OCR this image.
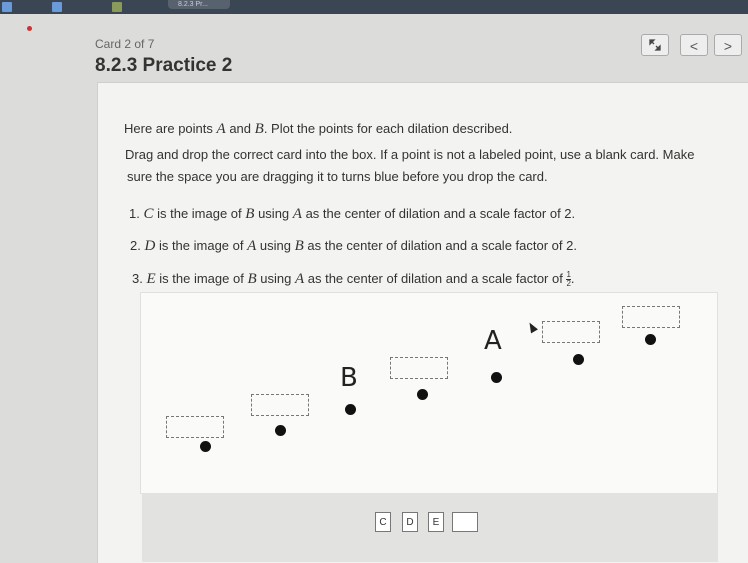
8.2.3 Pr...
Card 2 of 7
8.2.3 Practice 2
<	>
Here are points A and B. Plot the points for each dilation described.
Drag and drop the correct card into the box. If a point is not a labeled point, use a blank card. Make
sure the space you are dragging it to turns blue before you drop the card.
1. C is the image of B using A as the center of dilation and a scale factor of 2.
2. D is the image of A using B as the center of dilation and a scale factor of 2.
3. E is the image of B using A as the center of dilation and a scale factor of $\frac{1}{2}$ .
A
B
C	D	E
